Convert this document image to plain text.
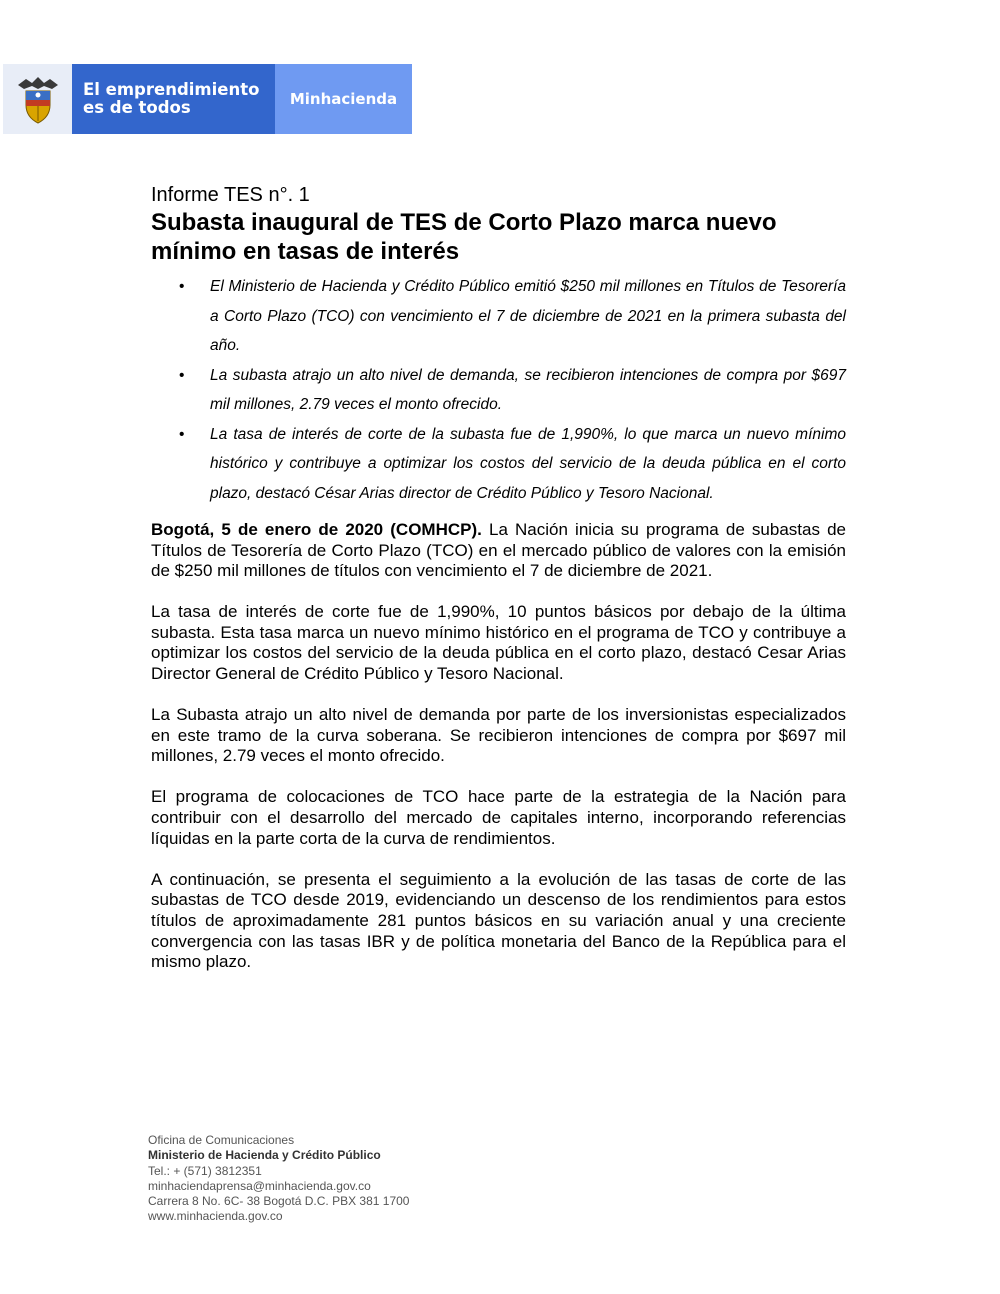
El emprendimiento
es de todos	Minhacienda
Informe TES n°. 1
Subasta inaugural de TES de Corto Plazo marca nuevo mínimo en tasas de interés
• El Ministerio de Hacienda y Crédito Público emitió $250 mil millones en Títulos de Tesorería a Corto Plazo (TCO) con vencimiento el 7 de diciembre de 2021 en la primera subasta del año.
• La subasta atrajo un alto nivel de demanda, se recibieron intenciones de compra por $697 mil millones, 2.79 veces el monto ofrecido.
• La tasa de interés de corte de la subasta fue de 1,990%, lo que marca un nuevo mínimo histórico y contribuye a optimizar los costos del servicio de la deuda pública en el corto plazo, destacó César Arias director de Crédito Público y Tesoro Nacional.

Bogotá, 5 de enero de 2020 (COMHCP). La Nación inicia su programa de subastas de Títulos de Tesorería de Corto Plazo (TCO) en el mercado público de valores con la emisión de $250 mil millones de títulos con vencimiento el 7 de diciembre de 2021.

La tasa de interés de corte fue de 1,990%, 10 puntos básicos por debajo de la última subasta. Esta tasa marca un nuevo mínimo histórico en el programa de TCO y contribuye a optimizar los costos del servicio de la deuda pública en el corto plazo, destacó Cesar Arias Director General de Crédito Público y Tesoro Nacional.

La Subasta atrajo un alto nivel de demanda por parte de los inversionistas especializados en este tramo de la curva soberana. Se recibieron intenciones de compra por $697 mil millones, 2.79 veces el monto ofrecido.

El programa de colocaciones de TCO hace parte de la estrategia de la Nación para contribuir con el desarrollo del mercado de capitales interno, incorporando referencias líquidas en la parte corta de la curva de rendimientos.

A continuación, se presenta el seguimiento a la evolución de las tasas de corte de las subastas de TCO desde 2019, evidenciando un descenso de los rendimientos para estos títulos de aproximadamente 281 puntos básicos en su variación anual y una creciente convergencia con las tasas IBR y de política monetaria del Banco de la República para el mismo plazo.

Oficina de Comunicaciones
Ministerio de Hacienda y Crédito Público
Tel.: + (571) 3812351
minhaciendaprensa@minhacienda.gov.co
Carrera 8 No. 6C- 38 Bogotá D.C. PBX 381 1700
www.minhacienda.gov.co
